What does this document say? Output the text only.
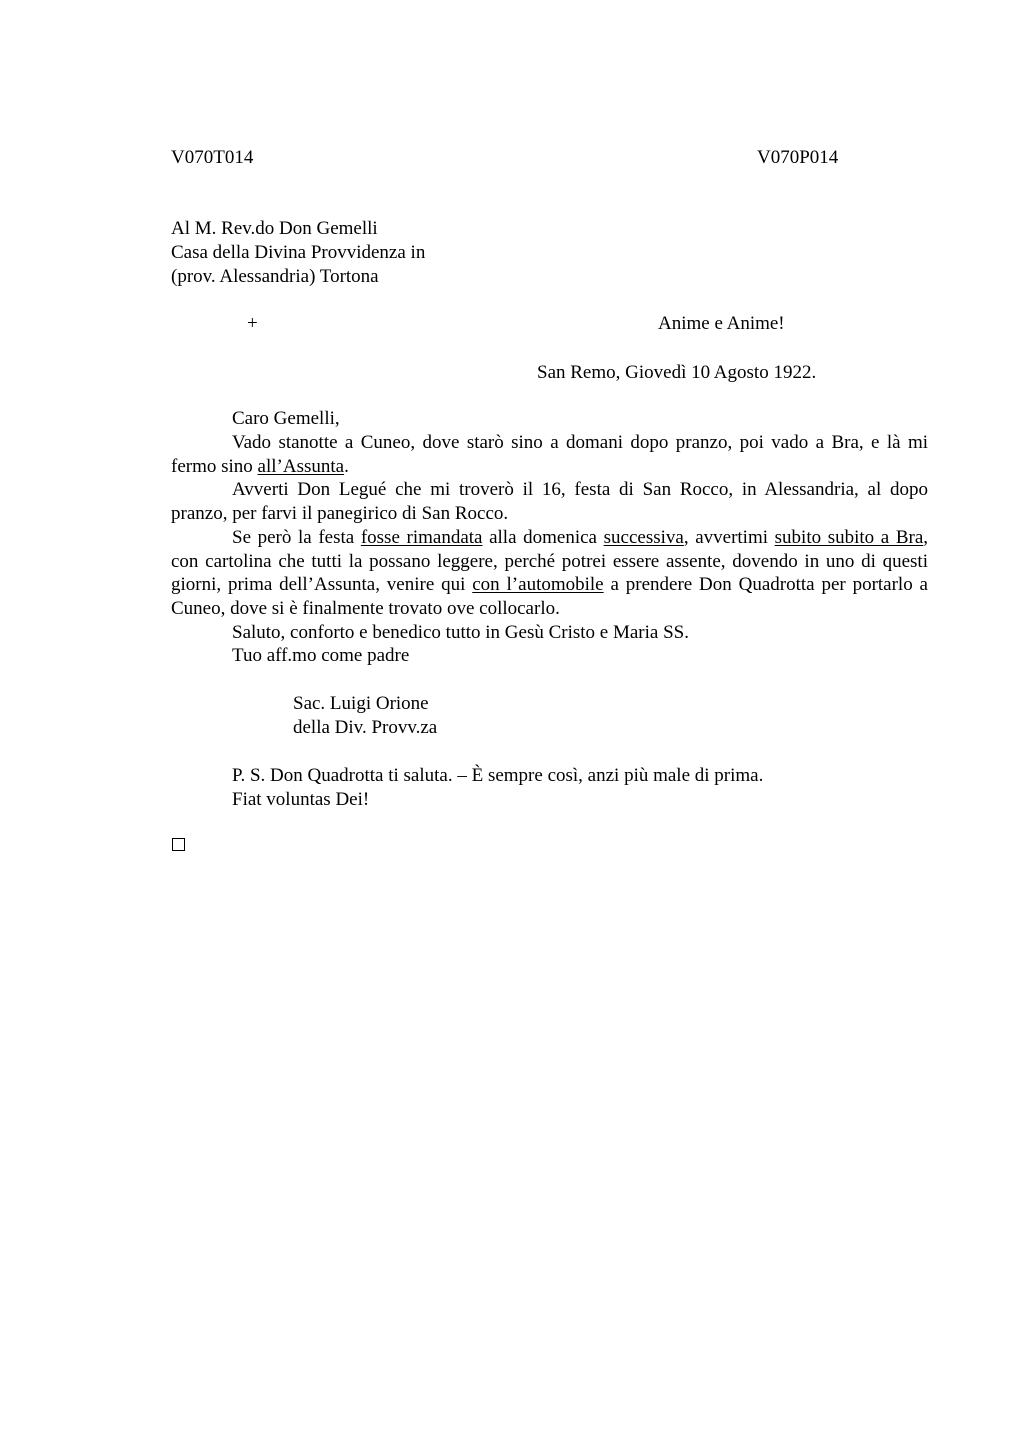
V070T014	V070P014
Al M. Rev.do Don Gemelli
Casa della Divina Provvidenza in
(prov. Alessandria) Tortona
+	Anime e Anime!
San Remo, Giovedì 10 Agosto 1922.
Caro Gemelli,

Vado stanotte a Cuneo, dove starò sino a domani dopo pranzo, poi vado a Bra, e là mi fermo sino all’Assunta.

Avverti Don Legué che mi troverò il 16, festa di San Rocco, in Alessandria, al dopo pranzo, per farvi il panegirico di San Rocco.

Se però la festa fosse rimandata alla domenica successiva, avvertimi subito subito a Bra, con cartolina che tutti la possano leggere, perché potrei essere assente, dovendo in uno di questi giorni, prima dell’Assunta, venire qui con l’automobile a prendere Don Quadrotta per portarlo a Cuneo, dove si è finalmente trovato ove collocarlo.

Saluto, conforto e benedico tutto in Gesù Cristo e Maria SS.

Tuo aff.mo come padre

Sac. Luigi Orione
della Div. Provv.za
P. S. Don Quadrotta ti saluta. – È sempre così, anzi più male di prima.
Fiat voluntas Dei!
